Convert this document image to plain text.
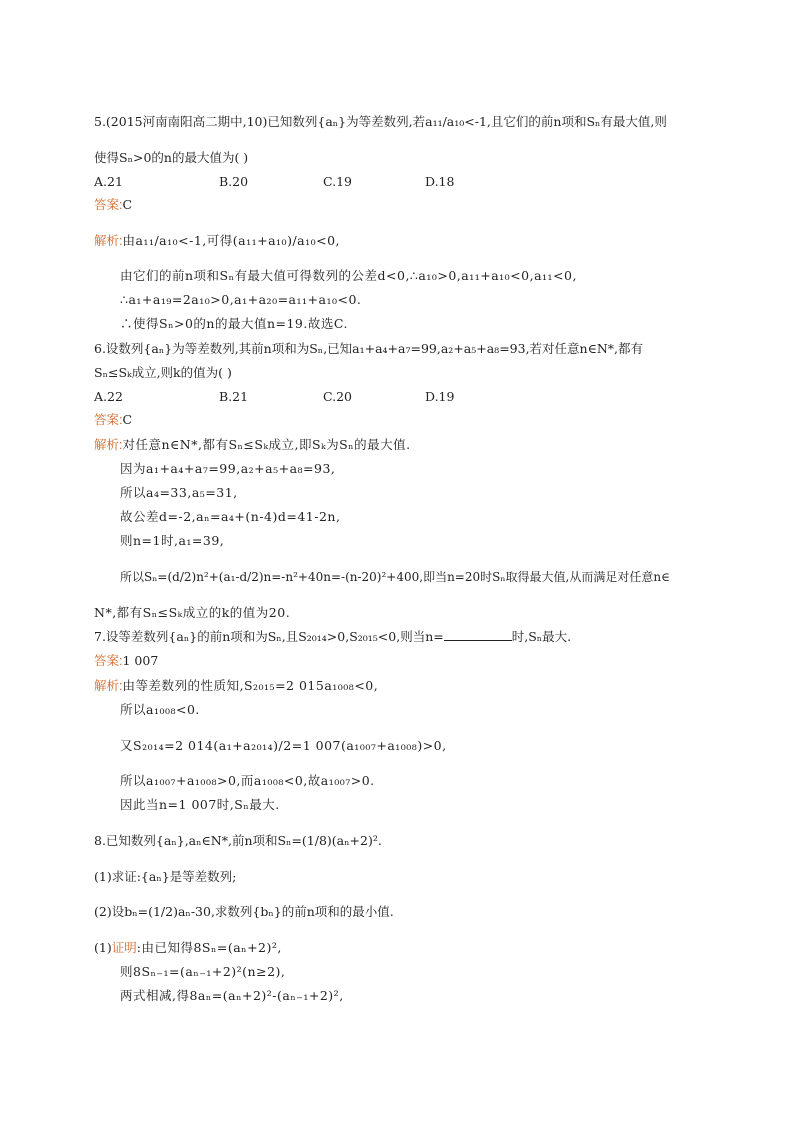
5.(2015河南南阳高二期中,10)已知数列{aₙ}为等差数列,若a₁₁/a₁₀<-1,且它们的前n项和Sₙ有最大值,则
使得Sₙ>0的n的最大值为( )
A.21	B.20	C.19	D.18
答案:C
解析:由a₁₁/a₁₀<-1,可得(a₁₁+a₁₀)/a₁₀<0,
由它们的前n项和Sₙ有最大值可得数列的公差d<0,∴a₁₀>0,a₁₁+a₁₀<0,a₁₁<0,
∴a₁+a₁₉=2a₁₀>0,a₁+a₂₀=a₁₁+a₁₀<0.
∴使得Sₙ>0的n的最大值n=19.故选C.
6.设数列{aₙ}为等差数列,其前n项和为Sₙ,已知a₁+a₄+a₇=99,a₂+a₅+a₈=93,若对任意n∈N*,都有
Sₙ≤Sₖ成立,则k的值为( )
A.22	B.21	C.20	D.19
答案:C
解析:对任意n∈N*,都有Sₙ≤Sₖ成立,即Sₖ为Sₙ的最大值.
因为a₁+a₄+a₇=99,a₂+a₅+a₈=93,
所以a₄=33,a₅=31,
故公差d=-2,aₙ=a₄+(n-4)d=41-2n,
则n=1时,a₁=39,
所以Sₙ=(d/2)n²+(a₁-d/2)n=-n²+40n=-(n-20)²+400,即当n=20时Sₙ取得最大值,从而满足对任意n∈
N*,都有Sₙ≤Sₖ成立的k的值为20.
7.设等差数列{aₙ}的前n项和为Sₙ,且S₂₀₁₄>0,S₂₀₁₅<0,则当n=	时,Sₙ最大.
答案:1 007
解析:由等差数列的性质知,S₂₀₁₅=2 015a₁₀₀₈<0,
所以a₁₀₀₈<0.
又S₂₀₁₄=2 014(a₁+a₂₀₁₄)/2=1 007(a₁₀₀₇+a₁₀₀₈)>0,
所以a₁₀₀₇+a₁₀₀₈>0,而a₁₀₀₈<0,故a₁₀₀₇>0.
因此当n=1 007时,Sₙ最大.
8.已知数列{aₙ},aₙ∈N*,前n项和Sₙ=(1/8)(aₙ+2)².
(1)求证:{aₙ}是等差数列;
(2)设bₙ=(1/2)aₙ-30,求数列{bₙ}的前n项和的最小值.
(1)证明:由已知得8Sₙ=(aₙ+2)²,
则8Sₙ₋₁=(aₙ₋₁+2)²(n≥2),
两式相减,得8aₙ=(aₙ+2)²-(aₙ₋₁+2)²,
